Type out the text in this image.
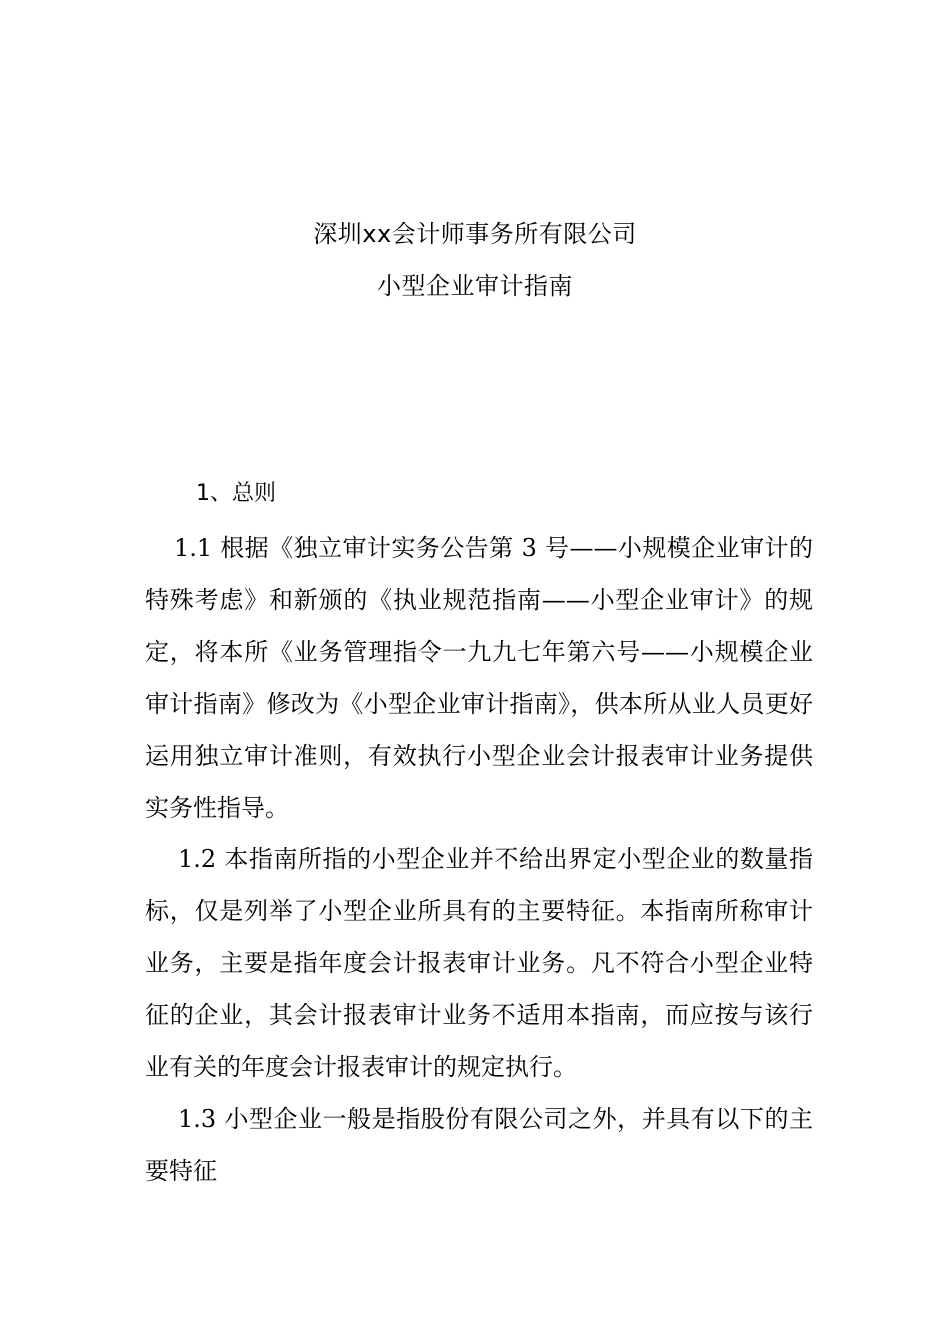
深圳xx会计师事务所有限公司
小型企业审计指南
1、总则

1.1 根据《独立审计实务公告第 3 号——小规模企业审计的特殊考虑》和新颁的《执业规范指南——小型企业审计》的规定，将本所《业务管理指令一九九七年第六号——小规模企业审计指南》修改为《小型企业审计指南》，供本所从业人员更好运用独立审计准则，有效执行小型企业会计报表审计业务提供实务性指导。

1.2 本指南所指的小型企业并不给出界定小型企业的数量指标，仅是列举了小型企业所具有的主要特征。本指南所称审计业务，主要是指年度会计报表审计业务。凡不符合小型企业特征的企业，其会计报表审计业务不适用本指南，而应按与该行业有关的年度会计报表审计的规定执行。

1.3 小型企业一般是指股份有限公司之外，并具有以下的主要特征
